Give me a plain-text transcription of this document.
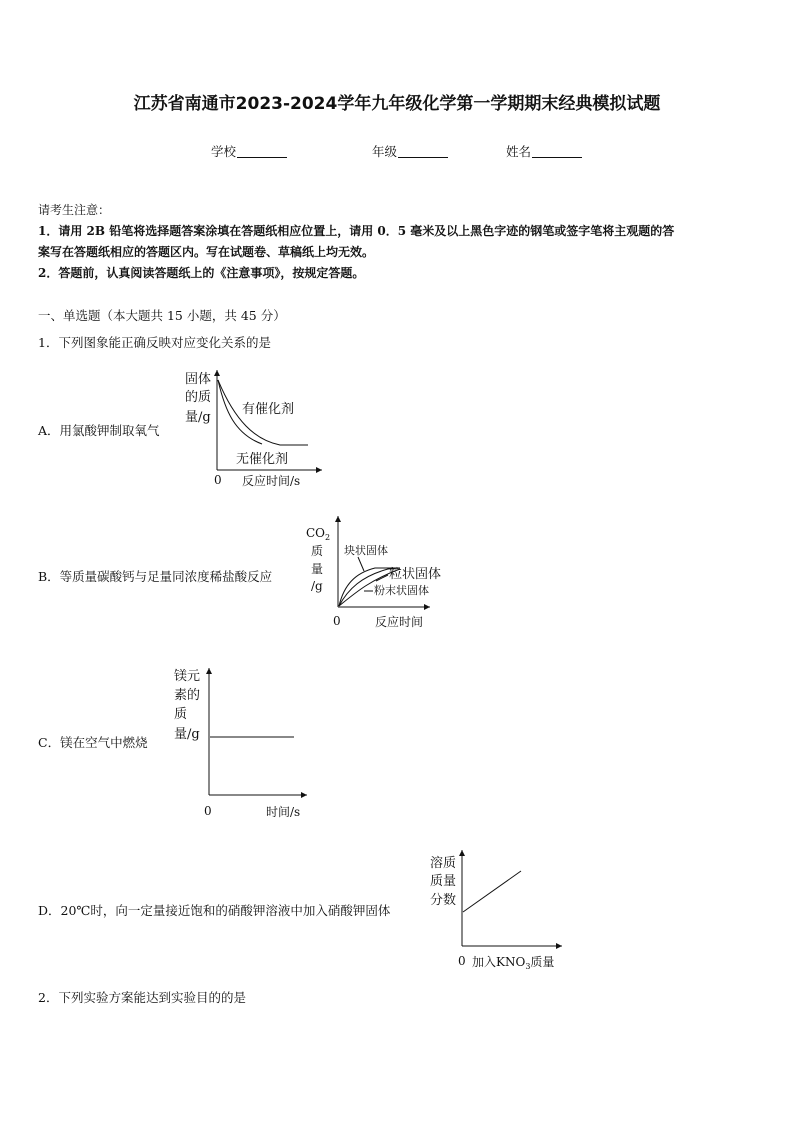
江苏省南通市2023-2024学年九年级化学第一学期期末经典模拟试题
学校	年级	姓名
请考生注意：
1．请用 2B 铅笔将选择题答案涂填在答题纸相应位置上，请用 0．5 毫米及以上黑色字迹的钢笔或签字笔将主观题的答
案写在答题纸相应的答题区内。写在试题卷、草稿纸上均无效。
2．答题前，认真阅读答题纸上的《注意事项》，按规定答题。
一、单选题（本大题共 15 小题，共 45 分）
1．下列图象能正确反映对应变化关系的是
A．用氯酸钾制取氧气
固体
的质
量/g
有催化剂
无催化剂
0 反应时间/s
B．等质量碳酸钙与足量同浓度稀盐酸反应
$CO_2$
质
量
/g
块状固体
粒状固体
粉末状固体
0	反应时间
C．镁在空气中燃烧
镁元
素的
质
量/g
0	时间/s
D．20℃时，向一定量接近饱和的硝酸钾溶液中加入硝酸钾固体
溶质
质量
分数
0 加入$KNO_3$质量
2．下列实验方案能达到实验目的的是
